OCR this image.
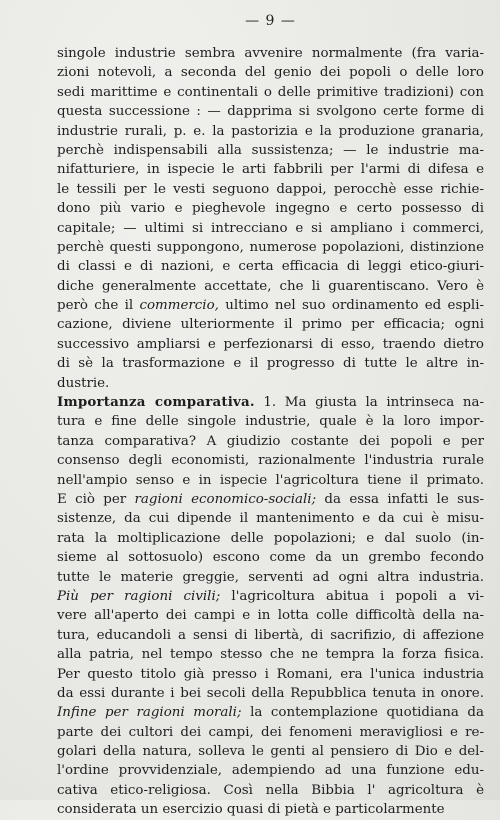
— 9 —
singole industrie sembra avvenire normalmente (fra varia-
zioni notevoli, a seconda del genio dei popoli o delle loro
sedi marittime e continentali o delle primitive tradizioni) con
questa successione : — dapprima si svolgono certe forme di
industrie rurali, p. e. la pastorizia e la produzione granaria,
perchè indispensabili alla sussistenza; — le industrie ma-
nifatturiere, in ispecie le arti fabbrili per l'armi di difesa e
le tessili per le vesti seguono dappoi, perocchè esse richie-
dono più vario e pieghevole ingegno e certo possesso di
capitale; — ultimi si intrecciano e si ampliano i commerci,
perchè questi suppongono, numerose popolazioni, distinzione
di classi e di nazioni, e certa efficacia di leggi etico-giuri-
diche generalmente accettate, che li guarentiscano. Vero è
però che il commercio, ultimo nel suo ordinamento ed espli-
cazione, diviene ulteriormente il primo per efficacia; ogni
successivo ampliarsi e perfezionarsi di esso, traendo dietro
di sè la trasformazione e il progresso di tutte le altre in-
dustrie.
Importanza comparativa. 1. Ma giusta la intrinseca na-
tura e fine delle singole industrie, quale è la loro impor-
tanza comparativa? A giudizio costante dei popoli e per
consenso degli economisti, razionalmente l'industria rurale
nell'ampio senso e in ispecie l'agricoltura tiene il primato.
E ciò per ragioni economico-sociali; da essa infatti le sus-
sistenze, da cui dipende il mantenimento e da cui è misu-
rata la moltiplicazione delle popolazioni; e dal suolo (in-
sieme al sottosuolo) escono come da un grembo fecondo
tutte le materie greggie, serventi ad ogni altra industria.
Più per ragioni civili; l'agricoltura abitua i popoli a vi-
vere all'aperto dei campi e in lotta colle difficoltà della na-
tura, educandoli a sensi di libertà, di sacrifizio, di affezione
alla patria, nel tempo stesso che ne tempra la forza fisica.
Per questo titolo già presso i Romani, era l'unica industria
da essi durante i bei secoli della Repubblica tenuta in onore.
Infine per ragioni morali; la contemplazione quotidiana da
parte dei cultori dei campi, dei fenomeni meravigliosi e re-
golari della natura, solleva le genti al pensiero di Dio e del-
l'ordine provvidenziale, adempiendo ad una funzione edu-
cativa etico-religiosa. Così nella Bibbia l' agricoltura è
considerata un esercizio quasi di pietà e particolarmente
